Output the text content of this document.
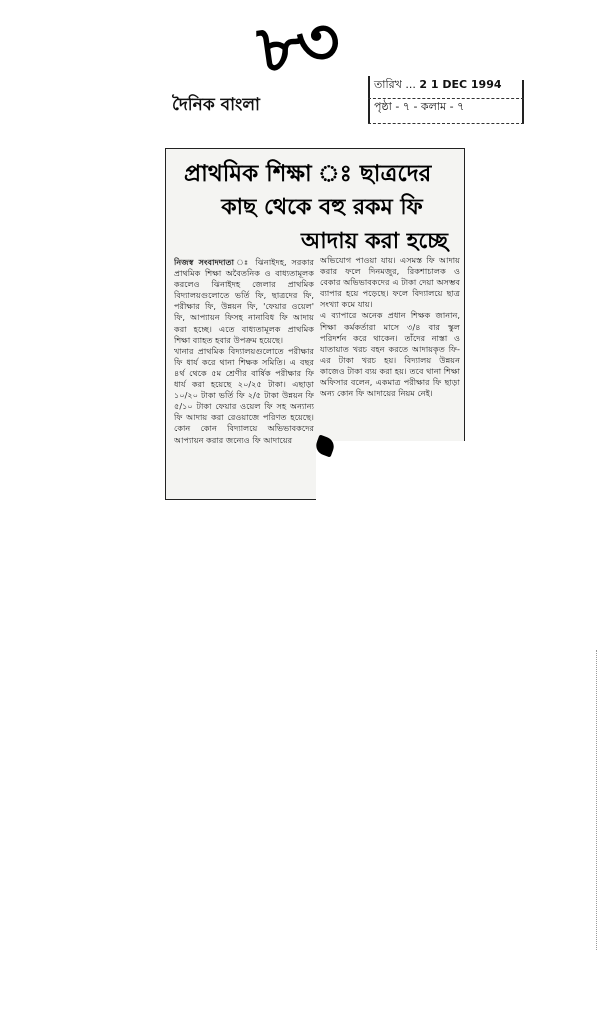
৮৩
দৈনিক বাংলা
তারিখ ... 2 1 DEC 1994
পৃষ্ঠা - ৭ - কলাম - ৭
প্রাথমিক শিক্ষা ঃ ছাত্রদের
কাছ থেকে বহু রকম ফি
আদায় করা হচ্ছে

নিজস্ব সংবাদদাতা ঃ ঝিনাইদহ, সরকার প্রাথমিক শিক্ষা অবৈতনিক ও বাধ্যতামূলক করলেও ঝিনাইদহ জেলার প্রাথমিক বিদ্যালয়গুলোতে ভর্তি ফি, ছাত্রদের ফি, পরীক্ষার ফি, উন্নয়ন ফি, 'ফেয়ার ওয়েল' ফি, আপ্যায়ন ফিসহ নানাবিধ ফি আদায় করা হচ্ছে। এতে বাধ্যতামূলক প্রাথমিক শিক্ষা ব্যাহত হবার উপক্রম হয়েছে।

খানার প্রাথমিক বিদ্যালয়গুলোতে পরীক্ষার ফি ধার্য করে থানা শিক্ষক সমিতি। এ বছর ৪র্থ থেকে ৫ম শ্রেণীর বার্ষিক পরীক্ষার ফি ধার্য করা হয়েছে ২০/২৫ টাকা। এছাড়া ১০/২০ টাকা ভর্তি ফি ২/৫ টাকা উন্নয়ন ফি ৫/১০ টাকা ফেয়ার ওয়েল ফি সহ অন্যান্য ফি আদায় করা রেওয়াজে পরিণত হয়েছে। কোন কোন বিদ্যালয়ে অভিভাবকদের আপ্যায়ন করার জন্যেও ফি আদায়ের

অভিযোগ পাওয়া যায়। এসমস্ত ফি আদায় করার ফলে দিনমজুর, রিকশাচালক ও বেকার অভিভাবকদের এ টাকা দেয়া অসম্ভব ব্যাপার হয়ে পড়েছে। ফলে বিদ্যালয়ে ছাত্র সংখ্যা কমে যায়।

এ ব্যাপারে অনেক প্রধান শিক্ষক জানান, শিক্ষা কর্মকর্তারা মাসে ৩/৪ বার স্কুল পরিদর্শন করে থাকেন। তাঁদের নাস্তা ও যাতায়াত খরচ বহন করতে আদায়কৃত ফি-এর টাকা খরচ হয়। বিদ্যালয় উন্নয়ন কাজেও টাকা ব্যয় করা হয়। তবে থানা শিক্ষা অফিসার বলেন, একমাত্র পরীক্ষার ফি ছাড়া অন্য কোন ফি আদায়ের নিয়ম নেই।
